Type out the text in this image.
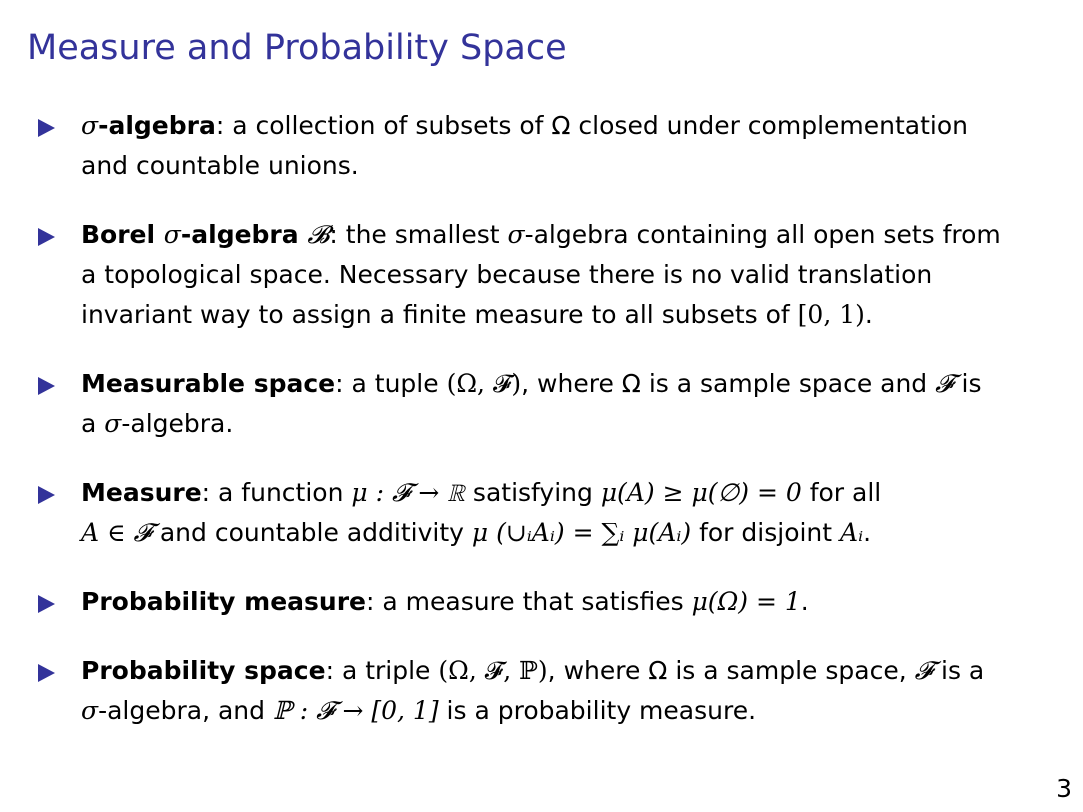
Measure and Probability Space
σ-algebra: a collection of subsets of Ω closed under complementation
and countable unions.
Borel σ-algebra 𝓑: the smallest σ-algebra containing all open sets from
a topological space. Necessary because there is no valid translation
invariant way to assign a finite measure to all subsets of [0, 1).
Measurable space: a tuple (Ω, 𝓕), where Ω is a sample space and 𝓕 is
a σ-algebra.
Measure: a function μ : 𝓕 → ℝ satisfying μ(A) ≥ μ(∅) = 0 for all
A ∈ 𝓕 and countable additivity μ (∪ᵢAᵢ) = ∑ᵢ μ(Aᵢ) for disjoint Aᵢ.
Probability measure: a measure that satisfies μ(Ω) = 1.
Probability space: a triple (Ω, 𝓕, ℙ), where Ω is a sample space, 𝓕 is a
σ-algebra, and ℙ : 𝓕 → [0, 1] is a probability measure.
3
